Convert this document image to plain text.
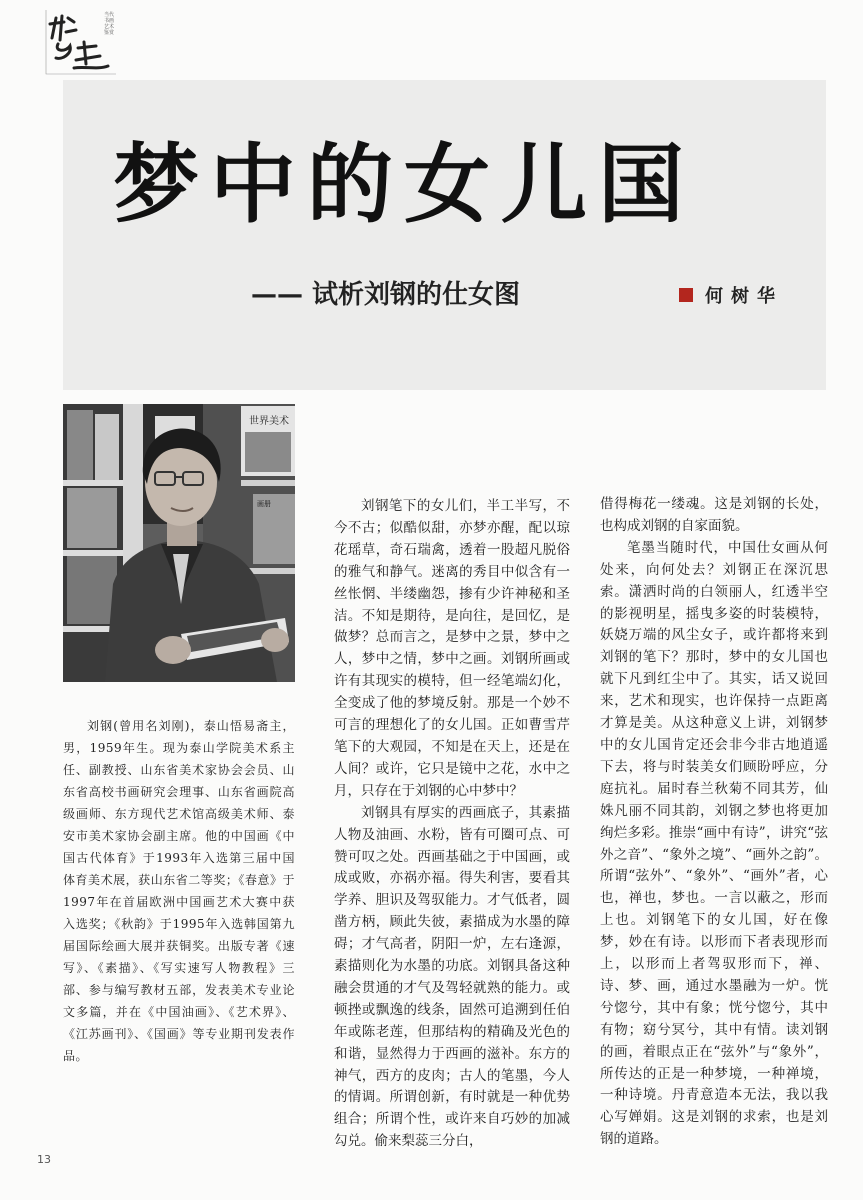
当代书画艺术鉴赏
梦中的女儿国
—— 试析刘钢的仕女图	何树华
世界美术
画册

刘钢(曾用名刘刚)，泰山悟易斋主，男，1959年生。现为泰山学院美术系主任、副教授、山东省美术家协会会员、山东省高校书画研究会理事、山东省画院高级画师、东方现代艺术馆高级美术师、泰安市美术家协会副主席。他的中国画《中国古代体育》于1993年入选第三届中国体育美术展，获山东省二等奖；《春意》于1997年在首届欧洲中国画艺术大赛中获入选奖；《秋韵》于1995年入选韩国第九届国际绘画大展并获铜奖。出版专著《速写》、《素描》、《写实速写人物教程》三部、参与编写教材五部，发表美术专业论文多篇，并在《中国油画》、《艺术界》、《江苏画刊》、《国画》等专业期刊发表作品。

刘钢笔下的女儿们，半工半写，不今不古；似酷似甜，亦梦亦醒，配以琼花瑶草，奇石瑞禽，透着一股超凡脱俗的雅气和静气。迷离的秀目中似含有一丝怅惘、半缕幽怨，掺有少许神秘和圣洁。不知是期待，是向往，是回忆，是做梦？总而言之，是梦中之景，梦中之人，梦中之情，梦中之画。刘钢所画或许有其现实的模特，但一经笔端幻化，全变成了他的梦境反射。那是一个妙不可言的理想化了的女儿国。正如曹雪芹笔下的大观园，不知是在天上，还是在人间？或许，它只是镜中之花，水中之月，只存在于刘钢的心中梦中？

刘钢具有厚实的西画底子，其素描人物及油画、水粉，皆有可圈可点、可赞可叹之处。西画基础之于中国画，或成或败，亦祸亦福。得失利害，要看其学养、胆识及驾驭能力。才气低者，圆凿方柄，顾此失彼，素描成为水墨的障碍；才气高者，阴阳一炉，左右逢源，素描则化为水墨的功底。刘钢具备这种融会贯通的才气及驾轻就熟的能力。或顿挫或飘逸的线条，固然可追溯到任伯年或陈老莲，但那结构的精确及光色的和谐，显然得力于西画的滋补。东方的神气，西方的皮肉；古人的笔墨，今人的情调。所谓创新，有时就是一种优势组合；所谓个性，或许来自巧妙的加减勾兑。偷来梨蕊三分白，

借得梅花一缕魂。这是刘钢的长处，也构成刘钢的自家面貌。

笔墨当随时代，中国仕女画从何处来，向何处去？刘钢正在深沉思索。潇洒时尚的白领丽人，红透半空的影视明星，摇曳多姿的时装模特，妖娆万端的风尘女子，或许都将来到刘钢的笔下？那时，梦中的女儿国也就下凡到红尘中了。其实，话又说回来，艺术和现实，也许保持一点距离才算是美。从这种意义上讲，刘钢梦中的女儿国肯定还会非今非古地逍遥下去，将与时装美女们顾盼呼应，分庭抗礼。届时春兰秋菊不同其芳，仙姝凡丽不同其韵，刘钢之梦也将更加绚烂多彩。推崇“画中有诗”，讲究“弦外之音”、“象外之境”、“画外之韵”。所谓“弦外”、“象外”、“画外”者，心也，禅也，梦也。一言以蔽之，形而上也。刘钢笔下的女儿国，好在像梦，妙在有诗。以形而下者表现形而上，以形而上者驾驭形而下，禅、诗、梦、画，通过水墨融为一炉。恍兮惚兮，其中有象；恍兮惚兮，其中有物；窈兮冥兮，其中有情。读刘钢的画，着眼点正在“弦外”与“象外”，所传达的正是一种梦境，一种禅境，一种诗境。丹青意造本无法，我以我心写婵娟。这是刘钢的求索，也是刘钢的道路。

13
